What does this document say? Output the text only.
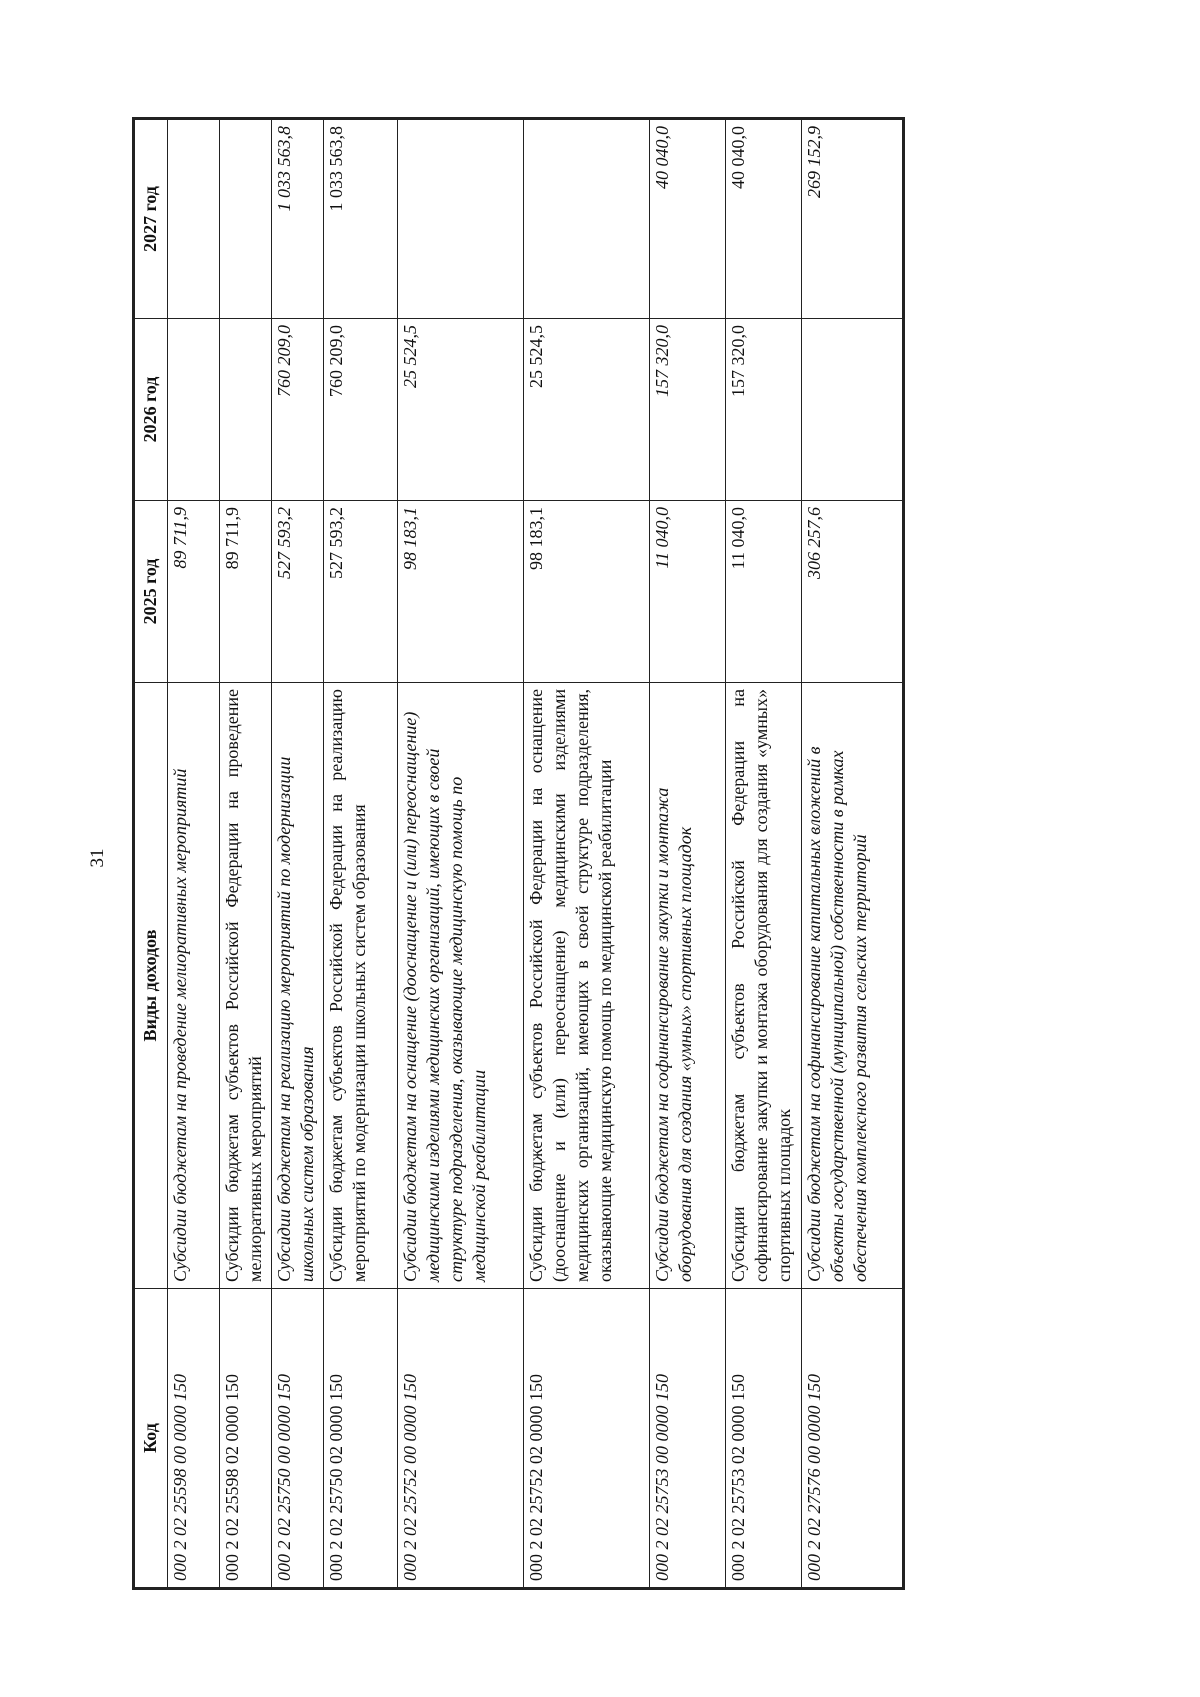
31
Код	Виды доходов	2025 год	2026 год	2027 год
000 2 02 25598 00 0000 150	Субсидии бюджетам на проведение мелиоративных мероприятий	89 711,9		
000 2 02 25598 02 0000 150	Субсидии бюджетам субъектов Российской Федерации на проведение мелиоративных мероприятий	89 711,9		
000 2 02 25750 00 0000 150	Субсидии бюджетам на реализацию мероприятий по модернизации школьных систем образования	527 593,2	760 209,0	1 033 563,8
000 2 02 25750 02 0000 150	Субсидии бюджетам субъектов Российской Федерации на реализацию мероприятий по модернизации школьных систем образования	527 593,2	760 209,0	1 033 563,8
000 2 02 25752 00 0000 150	Субсидии бюджетам на оснащение (дооснащение и (или) переоснащение) медицинскими изделиями медицинских организаций, имеющих в своей структуре подразделения, оказывающие медицинскую помощь по медицинской реабилитации	98 183,1	25 524,5	
000 2 02 25752 02 0000 150	Субсидии бюджетам субъектов Российской Федерации на оснащение (дооснащение и (или) переоснащение) медицинскими изделиями медицинских организаций, имеющих в своей структуре подразделения, оказывающие медицинскую помощь по медицинской реабилитации	98 183,1	25 524,5	
000 2 02 25753 00 0000 150	Субсидии бюджетам на софинансирование закупки и монтажа оборудования для создания «умных» спортивных площадок	11 040,0	157 320,0	40 040,0
000 2 02 25753 02 0000 150	Субсидии бюджетам субъектов Российской Федерации на софинансирование закупки и монтажа оборудования для создания «умных» спортивных площадок	11 040,0	157 320,0	40 040,0
000 2 02 27576 00 0000 150	Субсидии бюджетам на софинансирование капитальных вложений в объекты государственной (муниципальной) собственности в рамках обеспечения комплексного развития сельских территорий	306 257,6		269 152,9
